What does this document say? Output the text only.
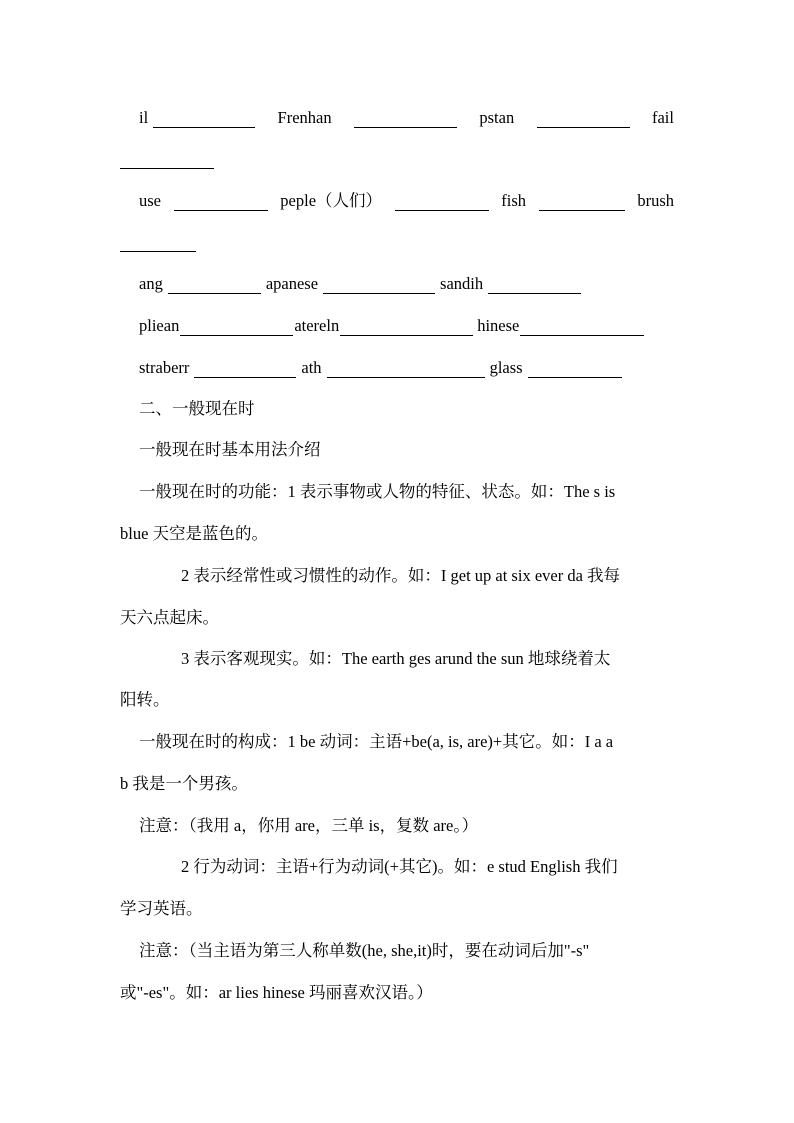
il	Frenhan	pstan	fail
use	peple（人们）	fish	brush
ang	apanese	sandih
pliean	atereln	hinese
straberr	ath	glass
二、一般现在时
一般现在时基本用法介绍
一般现在时的功能：1 表示事物或人物的特征、状态。如：The s is
blue 天空是蓝色的。
2 表示经常性或习惯性的动作。如：I get up at six ever da 我每
天六点起床。
3 表示客观现实。如：The earth ges arund the sun 地球绕着太
阳转。
一般现在时的构成：1 be 动词：主语+be(a, is, are)+其它。如：I a a
b 我是一个男孩。
注意：（我用 a，你用 are，三单 is，复数 are。）
2 行为动词：主语+行为动词(+其它)。如：e stud English 我们
学习英语。
注意：（当主语为第三人称单数(he, she,it)时，要在动词后加"-s"
或"-es"。如：ar lies hinese 玛丽喜欢汉语。）
